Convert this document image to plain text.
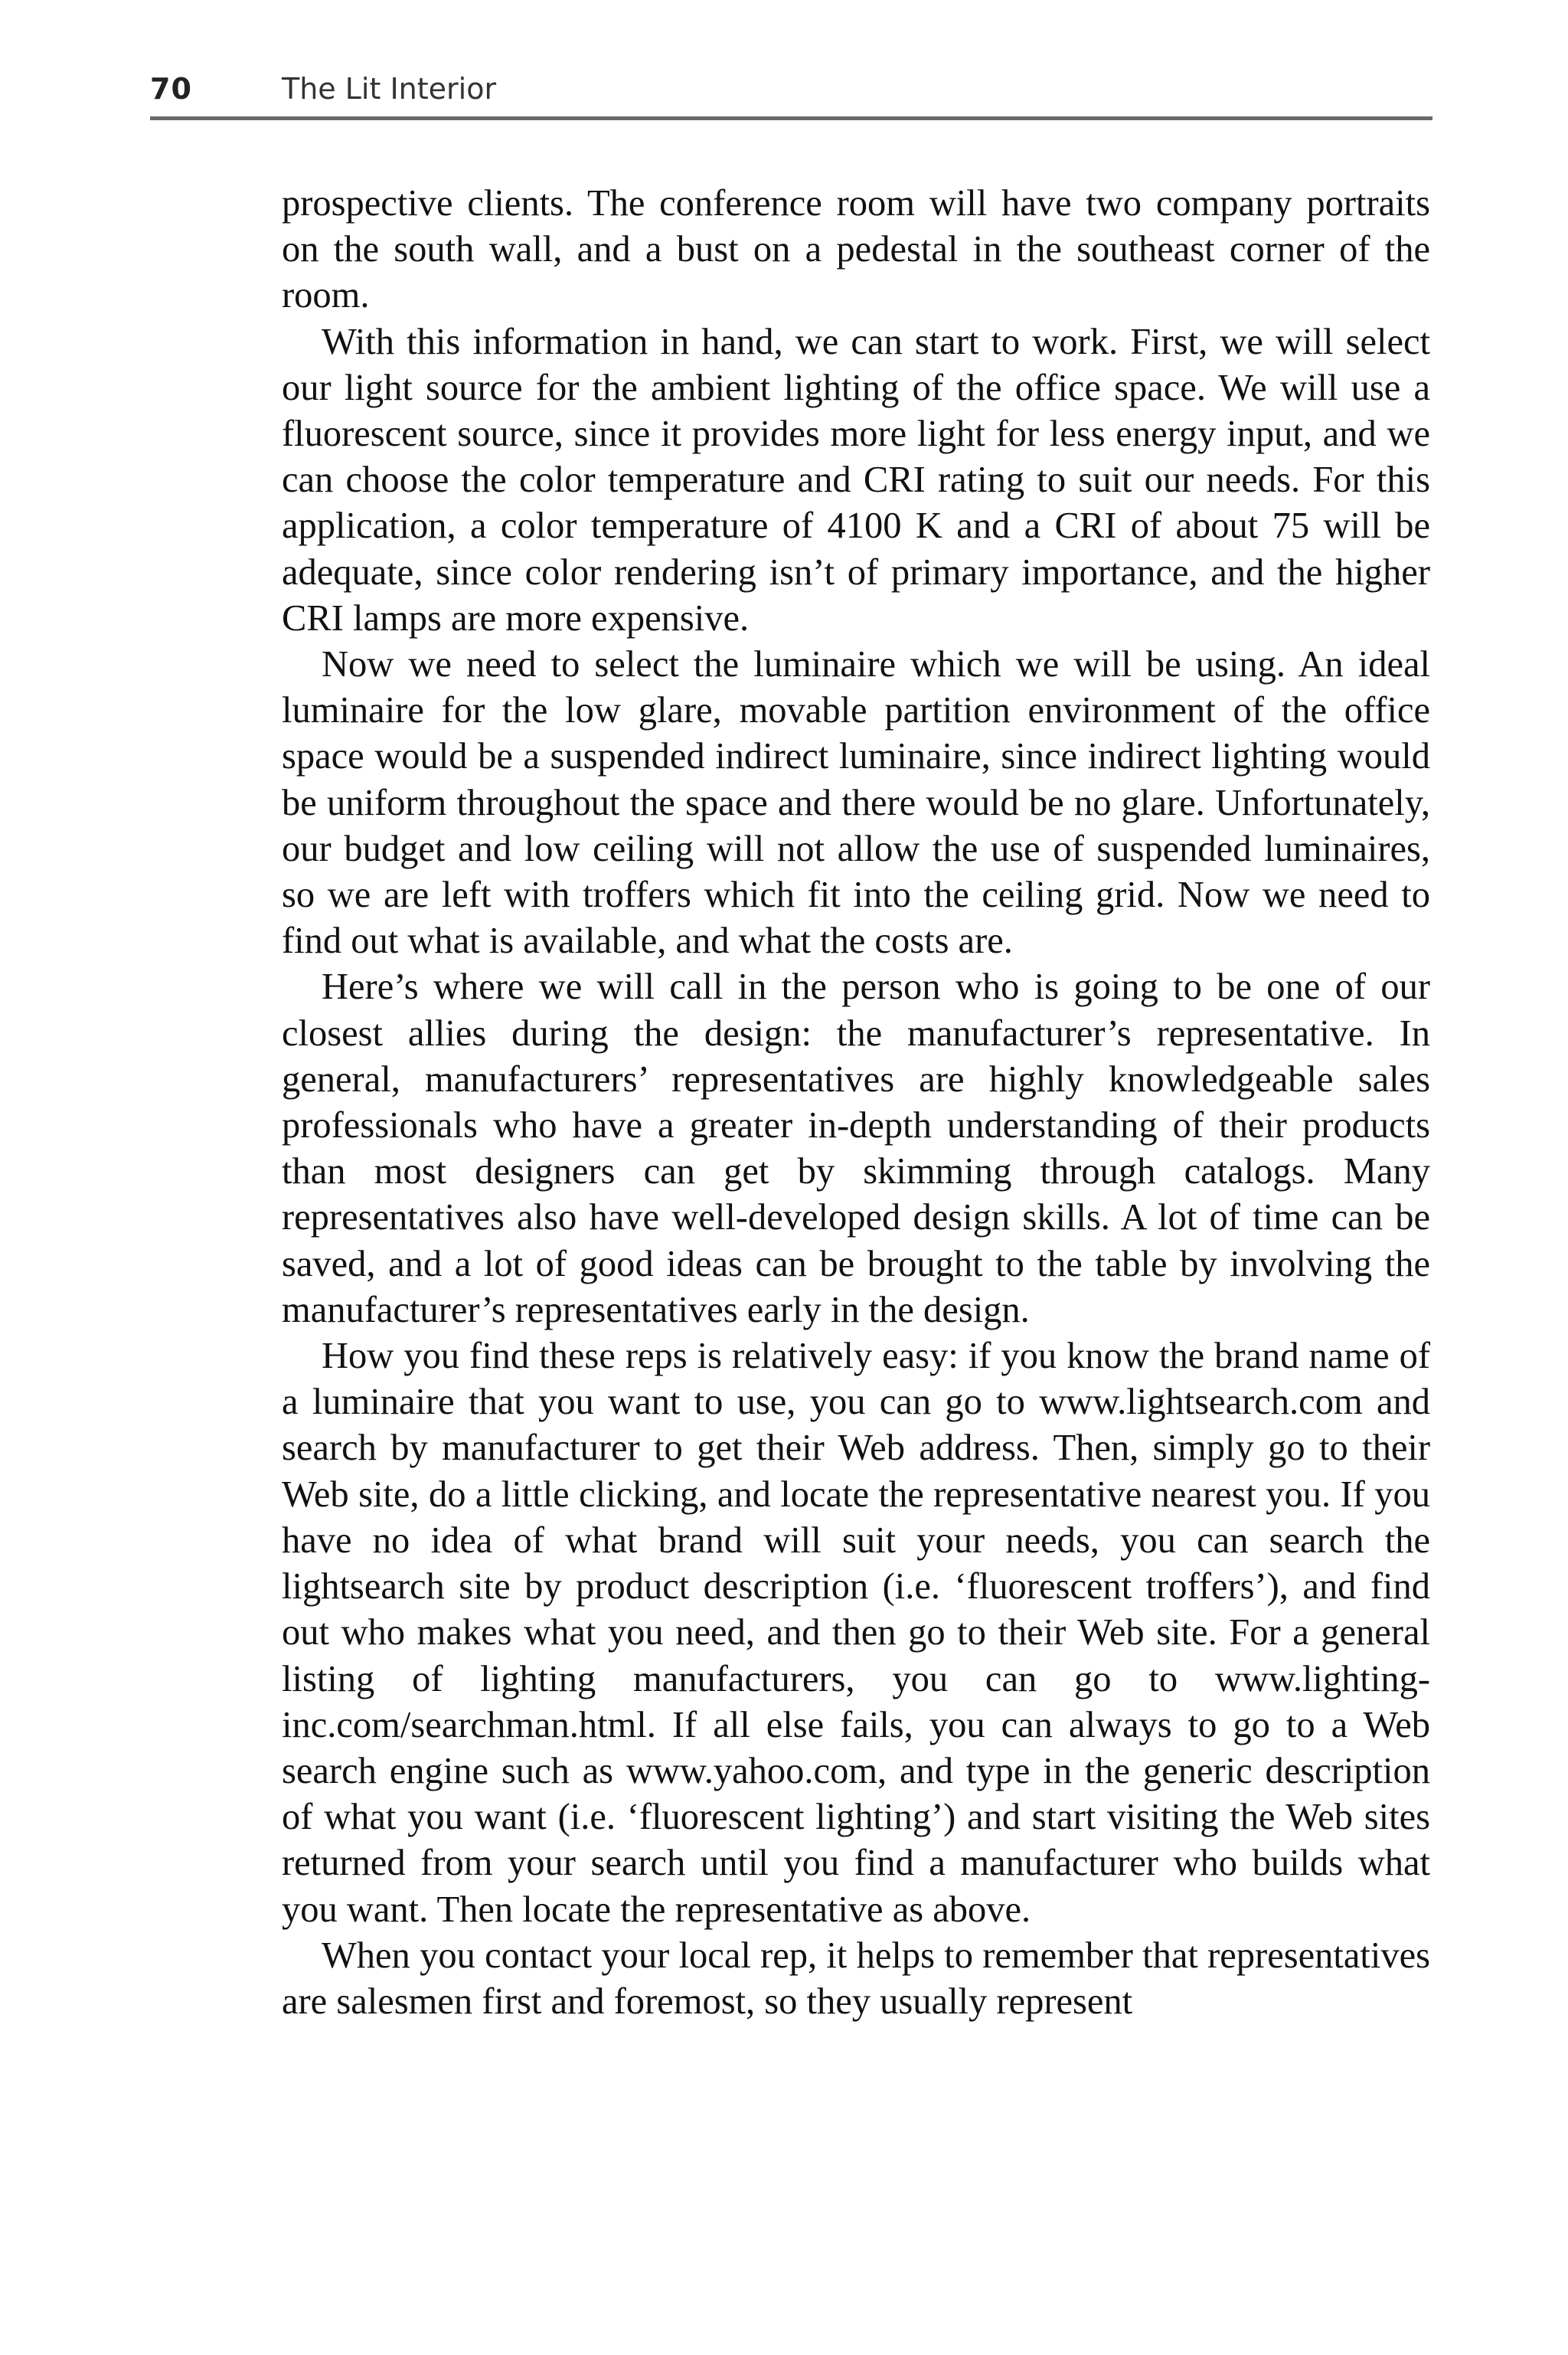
70	The Lit Interior

prospective clients. The conference room will have two company portraits on the south wall, and a bust on a pedestal in the southeast corner of the room.

With this information in hand, we can start to work. First, we will select our light source for the ambient lighting of the office space. We will use a fluorescent source, since it provides more light for less energy input, and we can choose the color temperature and CRI rating to suit our needs. For this application, a color temperature of 4100 K and a CRI of about 75 will be adequate, since color rendering isn’t of primary importance, and the higher CRI lamps are more expensive.

Now we need to select the luminaire which we will be using. An ideal luminaire for the low glare, movable partition environment of the office space would be a suspended indirect luminaire, since indirect lighting would be uniform throughout the space and there would be no glare. Unfortunately, our budget and low ceiling will not allow the use of suspended luminaires, so we are left with troffers which fit into the ceiling grid. Now we need to find out what is available, and what the costs are.

Here’s where we will call in the person who is going to be one of our closest allies during the design: the manufacturer’s representative. In general, manufacturers’ representatives are highly knowledgeable sales professionals who have a greater in-depth understanding of their products than most designers can get by skimming through catalogs. Many representatives also have well-developed design skills. A lot of time can be saved, and a lot of good ideas can be brought to the table by involving the manufacturer’s representatives early in the design.

How you find these reps is relatively easy: if you know the brand name of a luminaire that you want to use, you can go to www.lightsearch.com and search by manufacturer to get their Web address. Then, simply go to their Web site, do a little clicking, and locate the representative nearest you. If you have no idea of what brand will suit your needs, you can search the lightsearch site by product description (i.e. ‘fluorescent troffers’), and find out who makes what you need, and then go to their Web site. For a general listing of lighting manufacturers, you can go to www.lighting-inc.com/searchman.html. If all else fails, you can always to go to a Web search engine such as www.yahoo.com, and type in the generic description of what you want (i.e. ‘fluorescent lighting’) and start visiting the Web sites returned from your search until you find a manufacturer who builds what you want. Then locate the representative as above.

When you contact your local rep, it helps to remember that representatives are salesmen first and foremost, so they usually represent
